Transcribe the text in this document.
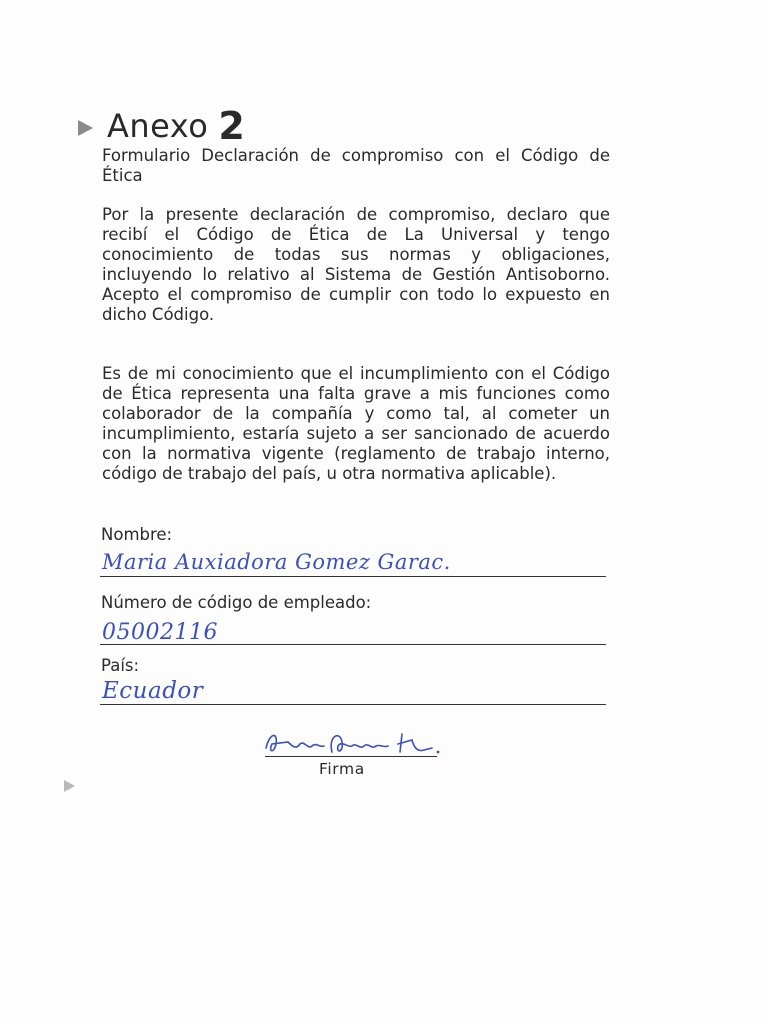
Anexo 2
Formulario Declaración de compromiso con el Código de Ética
Por la presente declaración de compromiso, declaro que recibí el Código de Ética de La Universal y tengo conocimiento de todas sus normas y obligaciones, incluyendo lo relativo al Sistema de Gestión Antisoborno. Acepto el compromiso de cumplir con todo lo expuesto en dicho Código.
Es de mi conocimiento que el incumplimiento con el Código de Ética representa una falta grave a mis funciones como colaborador de la compañía y como tal, al cometer un incumplimiento, estaría sujeto a ser sancionado de acuerdo con la normativa vigente (reglamento de trabajo interno, código de trabajo del país, u otra normativa aplicable).
Nombre:
Maria Auxiadora Gomez Garac.
Número de código de empleado:
05002116
País:
Ecuador
Firma
